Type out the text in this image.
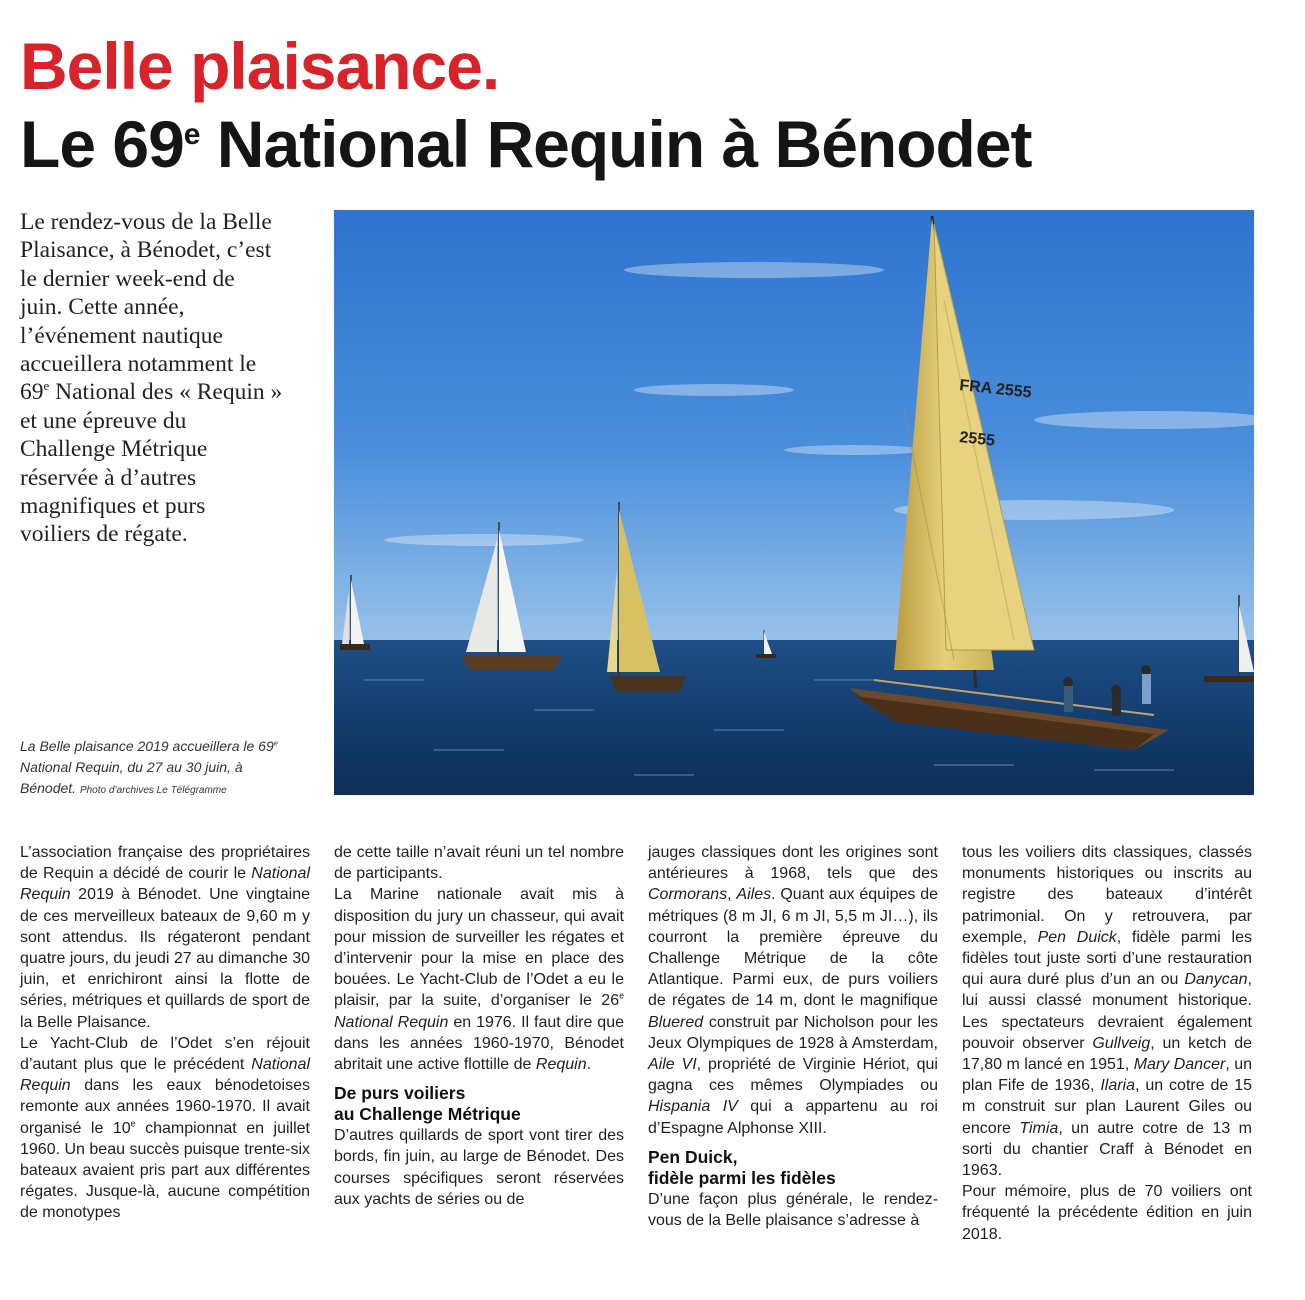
Belle plaisance.
Le 69e National Requin à Bénodet
Le rendez-vous de la Belle
Plaisance, à Bénodet, c’est
le dernier week-end de
juin. Cette année,
l’événement nautique
accueillera notamment le
69e National des « Requin »
et une épreuve du
Challenge Métrique
réservée à d’autres
magnifiques et purs
voiliers de régate.
FRA 2555
2555
La Belle plaisance 2019 accueillera le 69e
National Requin, du 27 au 30 juin, à
Bénodet. Photo d’archives Le Télégramme

L’association française des propriétaires de Requin a décidé de courir le National Requin 2019 à Bénodet. Une vingtaine de ces merveilleux bateaux de 9,60 m y sont attendus. Ils régateront pendant quatre jours, du jeudi 27 au dimanche 30 juin, et enrichiront ainsi la flotte de séries, métriques et quillards de sport de la Belle Plaisance.

Le Yacht-Club de l’Odet s’en réjouit d’autant plus que le précédent National Requin dans les eaux bénodetoises remonte aux années 1960-1970. Il avait organisé le 10e championnat en juillet 1960. Un beau succès puisque trente-six bateaux avaient pris part aux différentes régates. Jusque-là, aucune compétition de monotypes

de cette taille n’avait réuni un tel nombre de participants.

La Marine nationale avait mis à disposition du jury un chasseur, qui avait pour mission de surveiller les régates et d’intervenir pour la mise en place des bouées. Le Yacht-Club de l’Odet a eu le plaisir, par la suite, d’organiser le 26e National Requin en 1976. Il faut dire que dans les années 1960-1970, Bénodet abritait une active flottille de Requin.

De purs voiliers
au Challenge Métrique

D’autres quillards de sport vont tirer des bords, fin juin, au large de Bénodet. Des courses spécifiques seront réservées aux yachts de séries ou de

jauges classiques dont les origines sont antérieures à 1968, tels que des Cormorans, Ailes. Quant aux équipes de métriques (8 m JI, 6 m JI, 5,5 m JI…), ils courront la première épreuve du Challenge Métrique de la côte Atlantique. Parmi eux, de purs voiliers de régates de 14 m, dont le magnifique Bluered construit par Nicholson pour les Jeux Olympiques de 1928 à Amsterdam, Aile VI, propriété de Virginie Hériot, qui gagna ces mêmes Olympiades ou Hispania IV qui a appartenu au roi d’Espagne Alphonse XIII.

Pen Duick,
fidèle parmi les fidèles

D’une façon plus générale, le rendez-vous de la Belle plaisance s’adresse à

tous les voiliers dits classiques, classés monuments historiques ou inscrits au registre des bateaux d’intérêt patrimonial. On y retrouvera, par exemple, Pen Duick, fidèle parmi les fidèles tout juste sorti d’une restauration qui aura duré plus d’un an ou Danycan, lui aussi classé monument historique. Les spectateurs devraient également pouvoir observer Gullveig, un ketch de 17,80 m lancé en 1951, Mary Dancer, un plan Fife de 1936, Ilaria, un cotre de 15 m construit sur plan Laurent Giles ou encore Timia, un autre cotre de 13 m sorti du chantier Craff à Bénodet en 1963.

Pour mémoire, plus de 70 voiliers ont fréquenté la précédente édition en juin 2018.
